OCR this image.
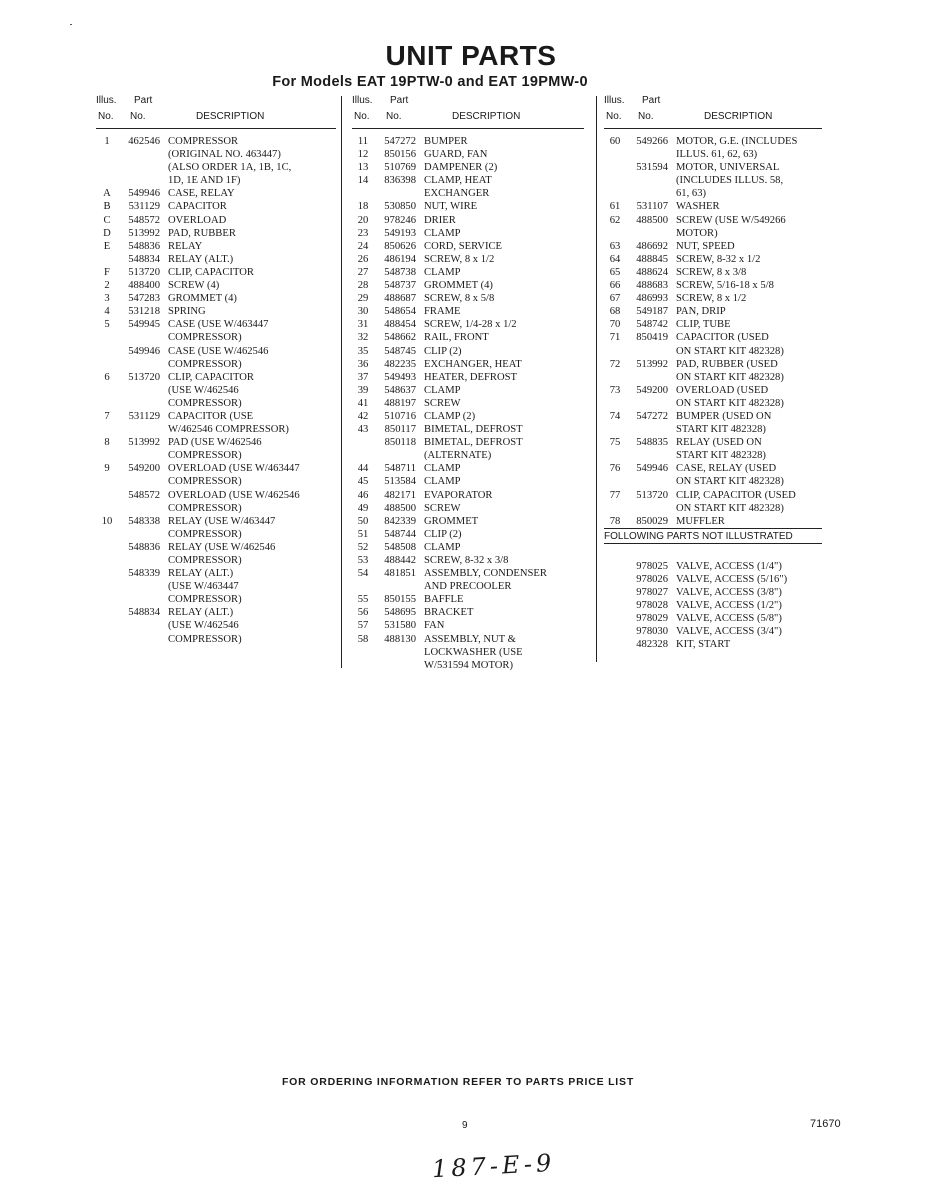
UNIT PARTS
For Models EAT 19PTW-0 and EAT 19PMW-0
Illus. Part
No. No.	DESCRIPTION
1	462546 COMPRESSOR
(ORIGINAL NO. 463447)
(ALSO ORDER 1A, 1B, 1C,
1D, 1E AND 1F)
A	549946 CASE, RELAY
B	531129 CAPACITOR
C	548572 OVERLOAD
D	513992 PAD, RUBBER
E	548836 RELAY
548834 RELAY (ALT.)
F	513720 CLIP, CAPACITOR
2	488400 SCREW (4)
3	547283 GROMMET (4)
4	531218 SPRING
5	549945 CASE (USE W/463447
COMPRESSOR)
549946 CASE (USE W/462546
COMPRESSOR)
6	513720 CLIP, CAPACITOR
(USE W/462546
COMPRESSOR)
7	531129 CAPACITOR (USE
W/462546 COMPRESSOR)
8	513992 PAD (USE W/462546
COMPRESSOR)
9	549200 OVERLOAD (USE W/463447
COMPRESSOR)
548572 OVERLOAD (USE W/462546
COMPRESSOR)
10	548338 RELAY (USE W/463447
COMPRESSOR)
548836 RELAY (USE W/462546
COMPRESSOR)
548339 RELAY (ALT.)
(USE W/463447
COMPRESSOR)
548834 RELAY (ALT.)
(USE W/462546
COMPRESSOR)
Illus. Part
No. No.	DESCRIPTION
11	547272 BUMPER
12	850156 GUARD, FAN
13	510769 DAMPENER (2)
14	836398 CLAMP, HEAT
EXCHANGER
18	530850 NUT, WIRE
20	978246 DRIER
23	549193 CLAMP
24	850626 CORD, SERVICE
26	486194 SCREW, 8 x 1/2
27	548738 CLAMP
28	548737 GROMMET (4)
29	488687 SCREW, 8 x 5/8
30	548654 FRAME
31	488454 SCREW, 1/4-28 x 1/2
32	548662 RAIL, FRONT
35	548745 CLIP (2)
36	482235 EXCHANGER, HEAT
37	549493 HEATER, DEFROST
39	548637 CLAMP
41	488197 SCREW
42	510716 CLAMP (2)
43	850117 BIMETAL, DEFROST
850118 BIMETAL, DEFROST
(ALTERNATE)
44	548711 CLAMP
45	513584 CLAMP
46	482171 EVAPORATOR
49	488500 SCREW
50	842339 GROMMET
51	548744 CLIP (2)
52	548508 CLAMP
53	488442 SCREW, 8-32 x 3/8
54	481851 ASSEMBLY, CONDENSER
AND PRECOOLER
55	850155 BAFFLE
56	548695 BRACKET
57	531580 FAN
58	488130 ASSEMBLY, NUT &
LOCKWASHER (USE
W/531594 MOTOR)
Illus. Part
No. No.	DESCRIPTION
60	549266 MOTOR, G.E. (INCLUDES
ILLUS. 61, 62, 63)
531594 MOTOR, UNIVERSAL
(INCLUDES ILLUS. 58,
61, 63)
61	531107 WASHER
62	488500 SCREW (USE W/549266
MOTOR)
63	486692 NUT, SPEED
64	488845 SCREW, 8-32 x 1/2
65	488624 SCREW, 8 x 3/8
66	488683 SCREW, 5/16-18 x 5/8
67	486993 SCREW, 8 x 1/2
68	549187 PAN, DRIP
70	548742 CLIP, TUBE
71	850419 CAPACITOR (USED
ON START KIT 482328)
72	513992 PAD, RUBBER (USED
ON START KIT 482328)
73	549200 OVERLOAD (USED
ON START KIT 482328)
74	547272 BUMPER (USED ON
START KIT 482328)
75	548835 RELAY (USED ON
START KIT 482328)
76	549946 CASE, RELAY (USED
ON START KIT 482328)
77	513720 CLIP, CAPACITOR (USED
ON START KIT 482328)
78	850029 MUFFLER
FOLLOWING PARTS NOT ILLUSTRATED
978025 VALVE, ACCESS (1/4")
978026 VALVE, ACCESS (5/16")
978027 VALVE, ACCESS (3/8")
978028 VALVE, ACCESS (1/2")
978029 VALVE, ACCESS (5/8")
978030 VALVE, ACCESS (3/4")
482328 KIT, START
FOR ORDERING INFORMATION REFER TO PARTS PRICE LIST
9	71670
187-E-9
